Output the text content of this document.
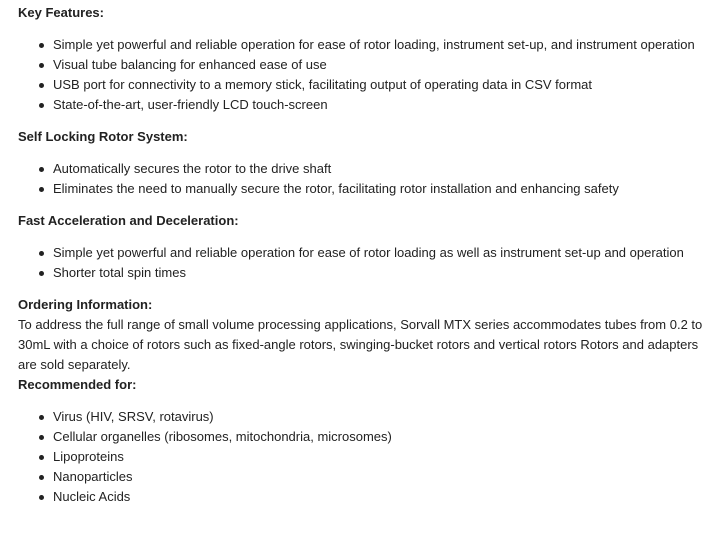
Key Features:

Simple yet powerful and reliable operation for ease of rotor loading, instrument set-up, and instrument operation
Visual tube balancing for enhanced ease of use
USB port for connectivity to a memory stick, facilitating output of operating data in CSV format
State-of-the-art, user-friendly LCD touch-screen

Self Locking Rotor System:

Automatically secures the rotor to the drive shaft
Eliminates the need to manually secure the rotor, facilitating rotor installation and enhancing safety

Fast Acceleration and Deceleration:

Simple yet powerful and reliable operation for ease of rotor loading as well as instrument set-up and operation
Shorter total spin times

Ordering Information:

To address the full range of small volume processing applications, Sorvall MTX series accommodates tubes from 0.2 to

30mL with a choice of rotors such as fixed-angle rotors, swinging-bucket rotors and vertical rotors Rotors and adapters

are sold separately.

Recommended for:

Virus (HIV, SRSV, rotavirus)
Cellular organelles (ribosomes, mitochondria, microsomes)
Lipoproteins
Nanoparticles
Nucleic Acids
